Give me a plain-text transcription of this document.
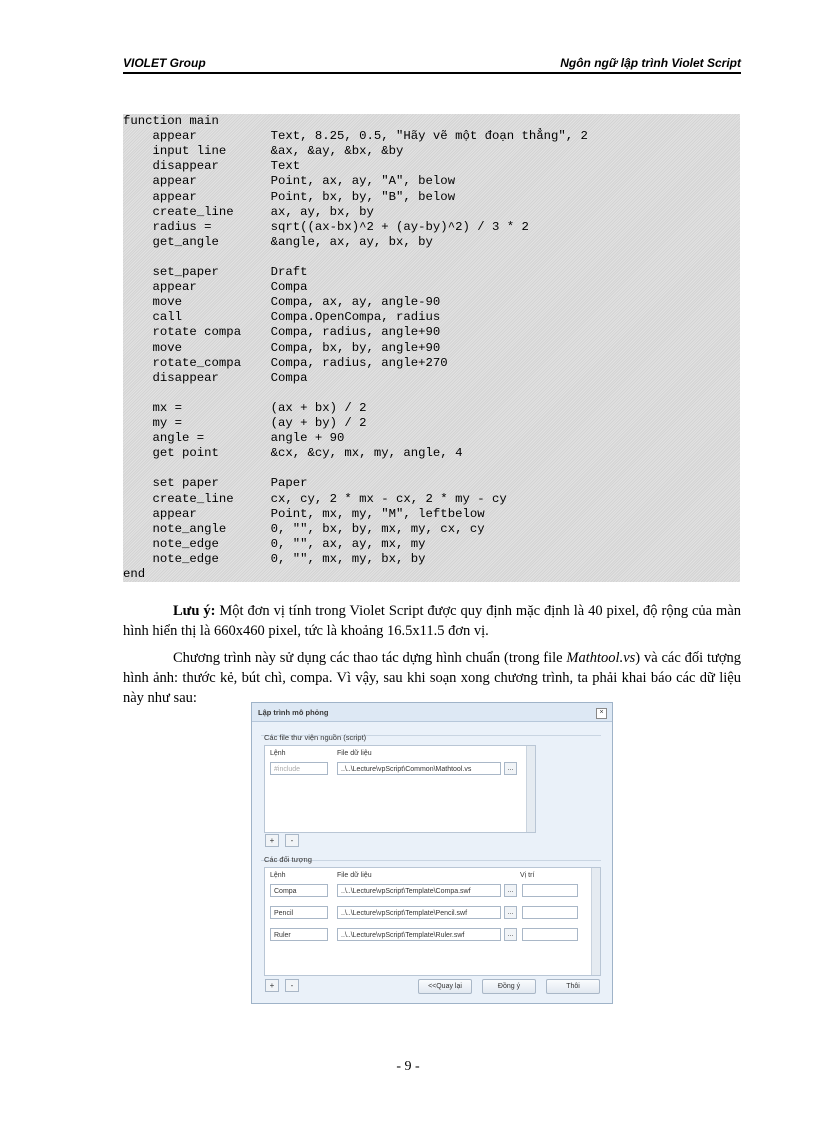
VIOLET Group	Ngôn ngữ lập trình Violet Script
function main
appear          Text, 8.25, 0.5, "Hãy vẽ một đoạn thẳng", 2
input line      &ax, &ay, &bx, &by
disappear       Text
appear          Point, ax, ay, "A", below
appear          Point, bx, by, "B", below
create_line     ax, ay, bx, by
radius =        sqrt((ax-bx)^2 + (ay-by)^2) / 3 * 2
get_angle       &angle, ax, ay, bx, by
set_paper       Draft
appear          Compa
move            Compa, ax, ay, angle-90
call            Compa.OpenCompa, radius
rotate compa    Compa, radius, angle+90
move            Compa, bx, by, angle+90
rotate_compa    Compa, radius, angle+270
disappear       Compa
mx =            (ax + bx) / 2
my =            (ay + by) / 2
angle =         angle + 90
get point       &cx, &cy, mx, my, angle, 4
set paper       Paper
create_line     cx, cy, 2 * mx - cx, 2 * my - cy
appear          Point, mx, my, "M", leftbelow
note_angle      0, "", bx, by, mx, my, cx, cy
note_edge       0, "", ax, ay, mx, my
note_edge       0, "", mx, my, bx, by
end
Lưu ý: Một đơn vị tính trong Violet Script được quy định mặc định là 40 pixel, độ rộng của màn hình hiển thị là 660x460 pixel, tức là khoảng 16.5x11.5 đơn vị.
Chương trình này sử dụng các thao tác dựng hình chuẩn (trong file Mathtool.vs) và các đối tượng hình ảnh: thước kẻ, bút chì, compa. Vì vậy, sau khi soạn xong chương trình, ta phải khai báo các dữ liệu này như sau:
Lập trình mô phỏng	×
Các file thư viện nguồn (script)
Lệnh	File dữ liệu
#include	..\..\Lecture\vpScript\Common\Mathtool.vs	...
+	-
Các đối tượng
Lệnh	File dữ liệu	Vị trí
Compa	..\..\Lecture\vpScript\Template\Compa.swf	...
Pencil	..\..\Lecture\vpScript\Template\Pencil.swf	...
Ruler	..\..\Lecture\vpScript\Template\Ruler.swf	...
+	-	<<Quay lại	Đồng ý	Thôi
- 9 -
